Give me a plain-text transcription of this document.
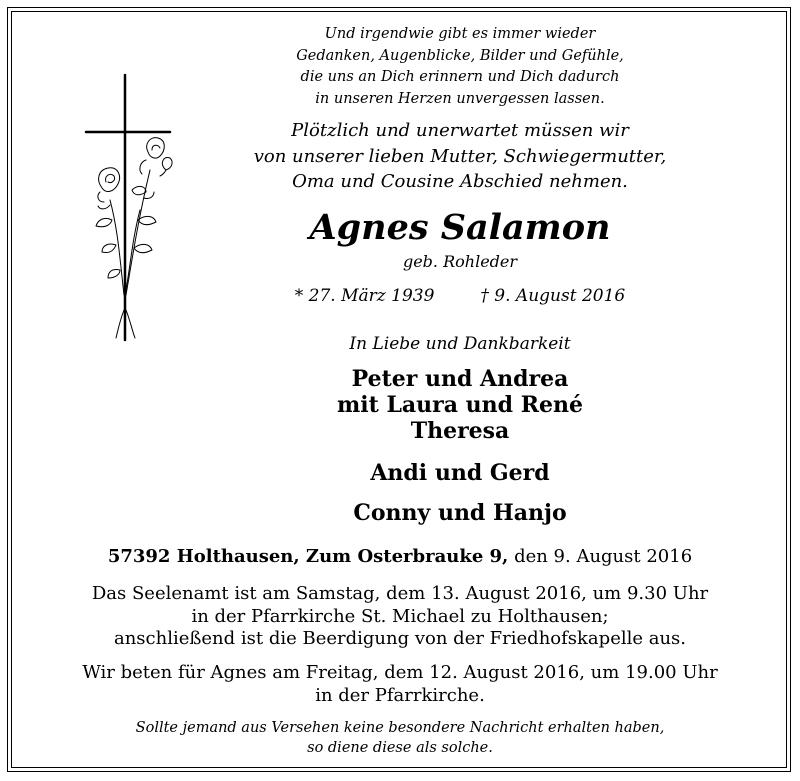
Und irgendwie gibt es immer wieder
Gedanken, Augenblicke, Bilder und Gefühle,
die uns an Dich erinnern und Dich dadurch
in unseren Herzen unvergessen lassen.
Plötzlich und unerwartet müssen wir
von unserer lieben Mutter, Schwiegermutter,
Oma und Cousine Abschied nehmen.
Agnes Salamon
geb. Rohleder
* 27. März 1939	† 9. August 2016
In Liebe und Dankbarkeit
Peter und Andrea
mit Laura und René
Theresa
Andi und Gerd
Conny und Hanjo
57392 Holthausen, Zum Osterbrauke 9, den 9. August 2016
Das Seelenamt ist am Samstag, dem 13. August 2016, um 9.30 Uhr
in der Pfarrkirche St. Michael zu Holthausen;
anschließend ist die Beerdigung von der Friedhofskapelle aus.
Wir beten für Agnes am Freitag, dem 12. August 2016, um 19.00 Uhr
in der Pfarrkirche.
Sollte jemand aus Versehen keine besondere Nachricht erhalten haben,
so diene diese als solche.
